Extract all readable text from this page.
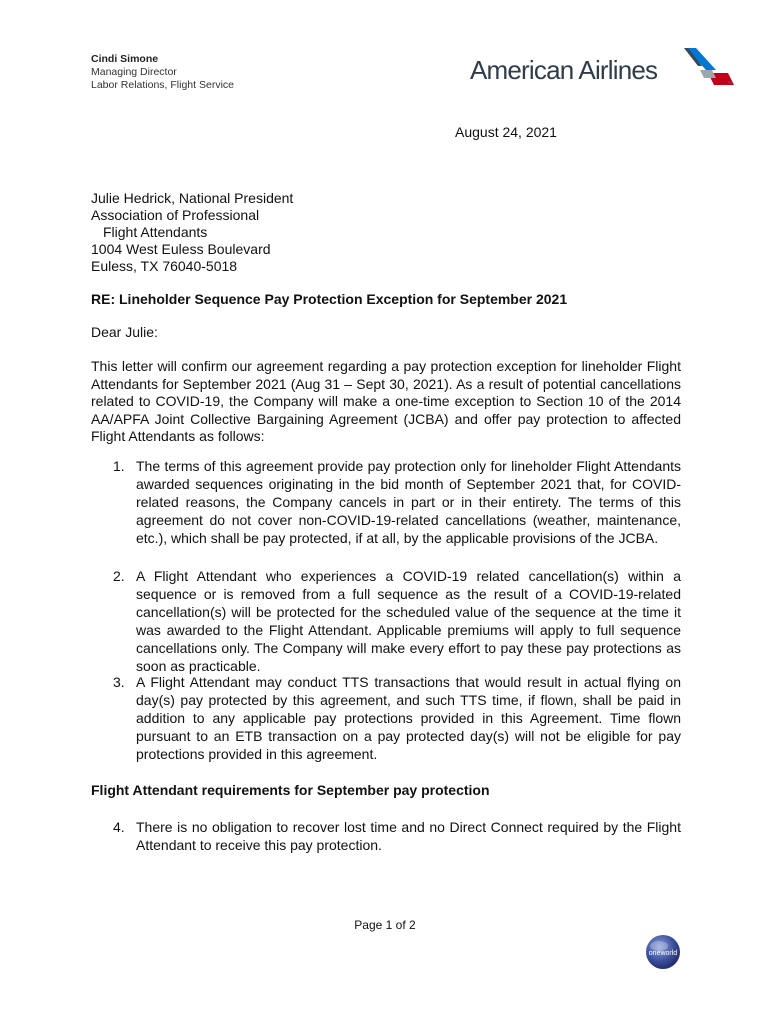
Cindi Simone
Managing Director
Labor Relations, Flight Service	American Airlines	™
August 24, 2021
Julie Hedrick, National President
Association of Professional
Flight Attendants
1004 West Euless Boulevard
Euless, TX 76040-5018
RE: Lineholder Sequence Pay Protection Exception for September 2021
Dear Julie:
This letter will confirm our agreement regarding a pay protection exception for lineholder Flight Attendants for September 2021 (Aug 31 – Sept 30, 2021). As a result of potential cancellations related to COVID-19, the Company will make a one-time exception to Section 10 of the 2014 AA/APFA Joint Collective Bargaining Agreement (JCBA) and offer pay protection to affected Flight Attendants as follows:
1. The terms of this agreement provide pay protection only for lineholder Flight Attendants awarded sequences originating in the bid month of September 2021 that, for COVID-related reasons, the Company cancels in part or in their entirety. The terms of this agreement do not cover non-COVID-19-related cancellations (weather, maintenance, etc.), which shall be pay protected, if at all, by the applicable provisions of the JCBA.
2. A Flight Attendant who experiences a COVID-19 related cancellation(s) within a sequence or is removed from a full sequence as the result of a COVID-19-related cancellation(s) will be protected for the scheduled value of the sequence at the time it was awarded to the Flight Attendant. Applicable premiums will apply to full sequence cancellations only. The Company will make every effort to pay these pay protections as soon as practicable.
3. A Flight Attendant may conduct TTS transactions that would result in actual flying on day(s) pay protected by this agreement, and such TTS time, if flown, shall be paid in addition to any applicable pay protections provided in this Agreement. Time flown pursuant to an ETB transaction on a pay protected day(s) will not be eligible for pay protections provided in this agreement.
Flight Attendant requirements for September pay protection
4. There is no obligation to recover lost time and no Direct Connect required by the Flight Attendant to receive this pay protection.
Page 1 of 2
oneworld
